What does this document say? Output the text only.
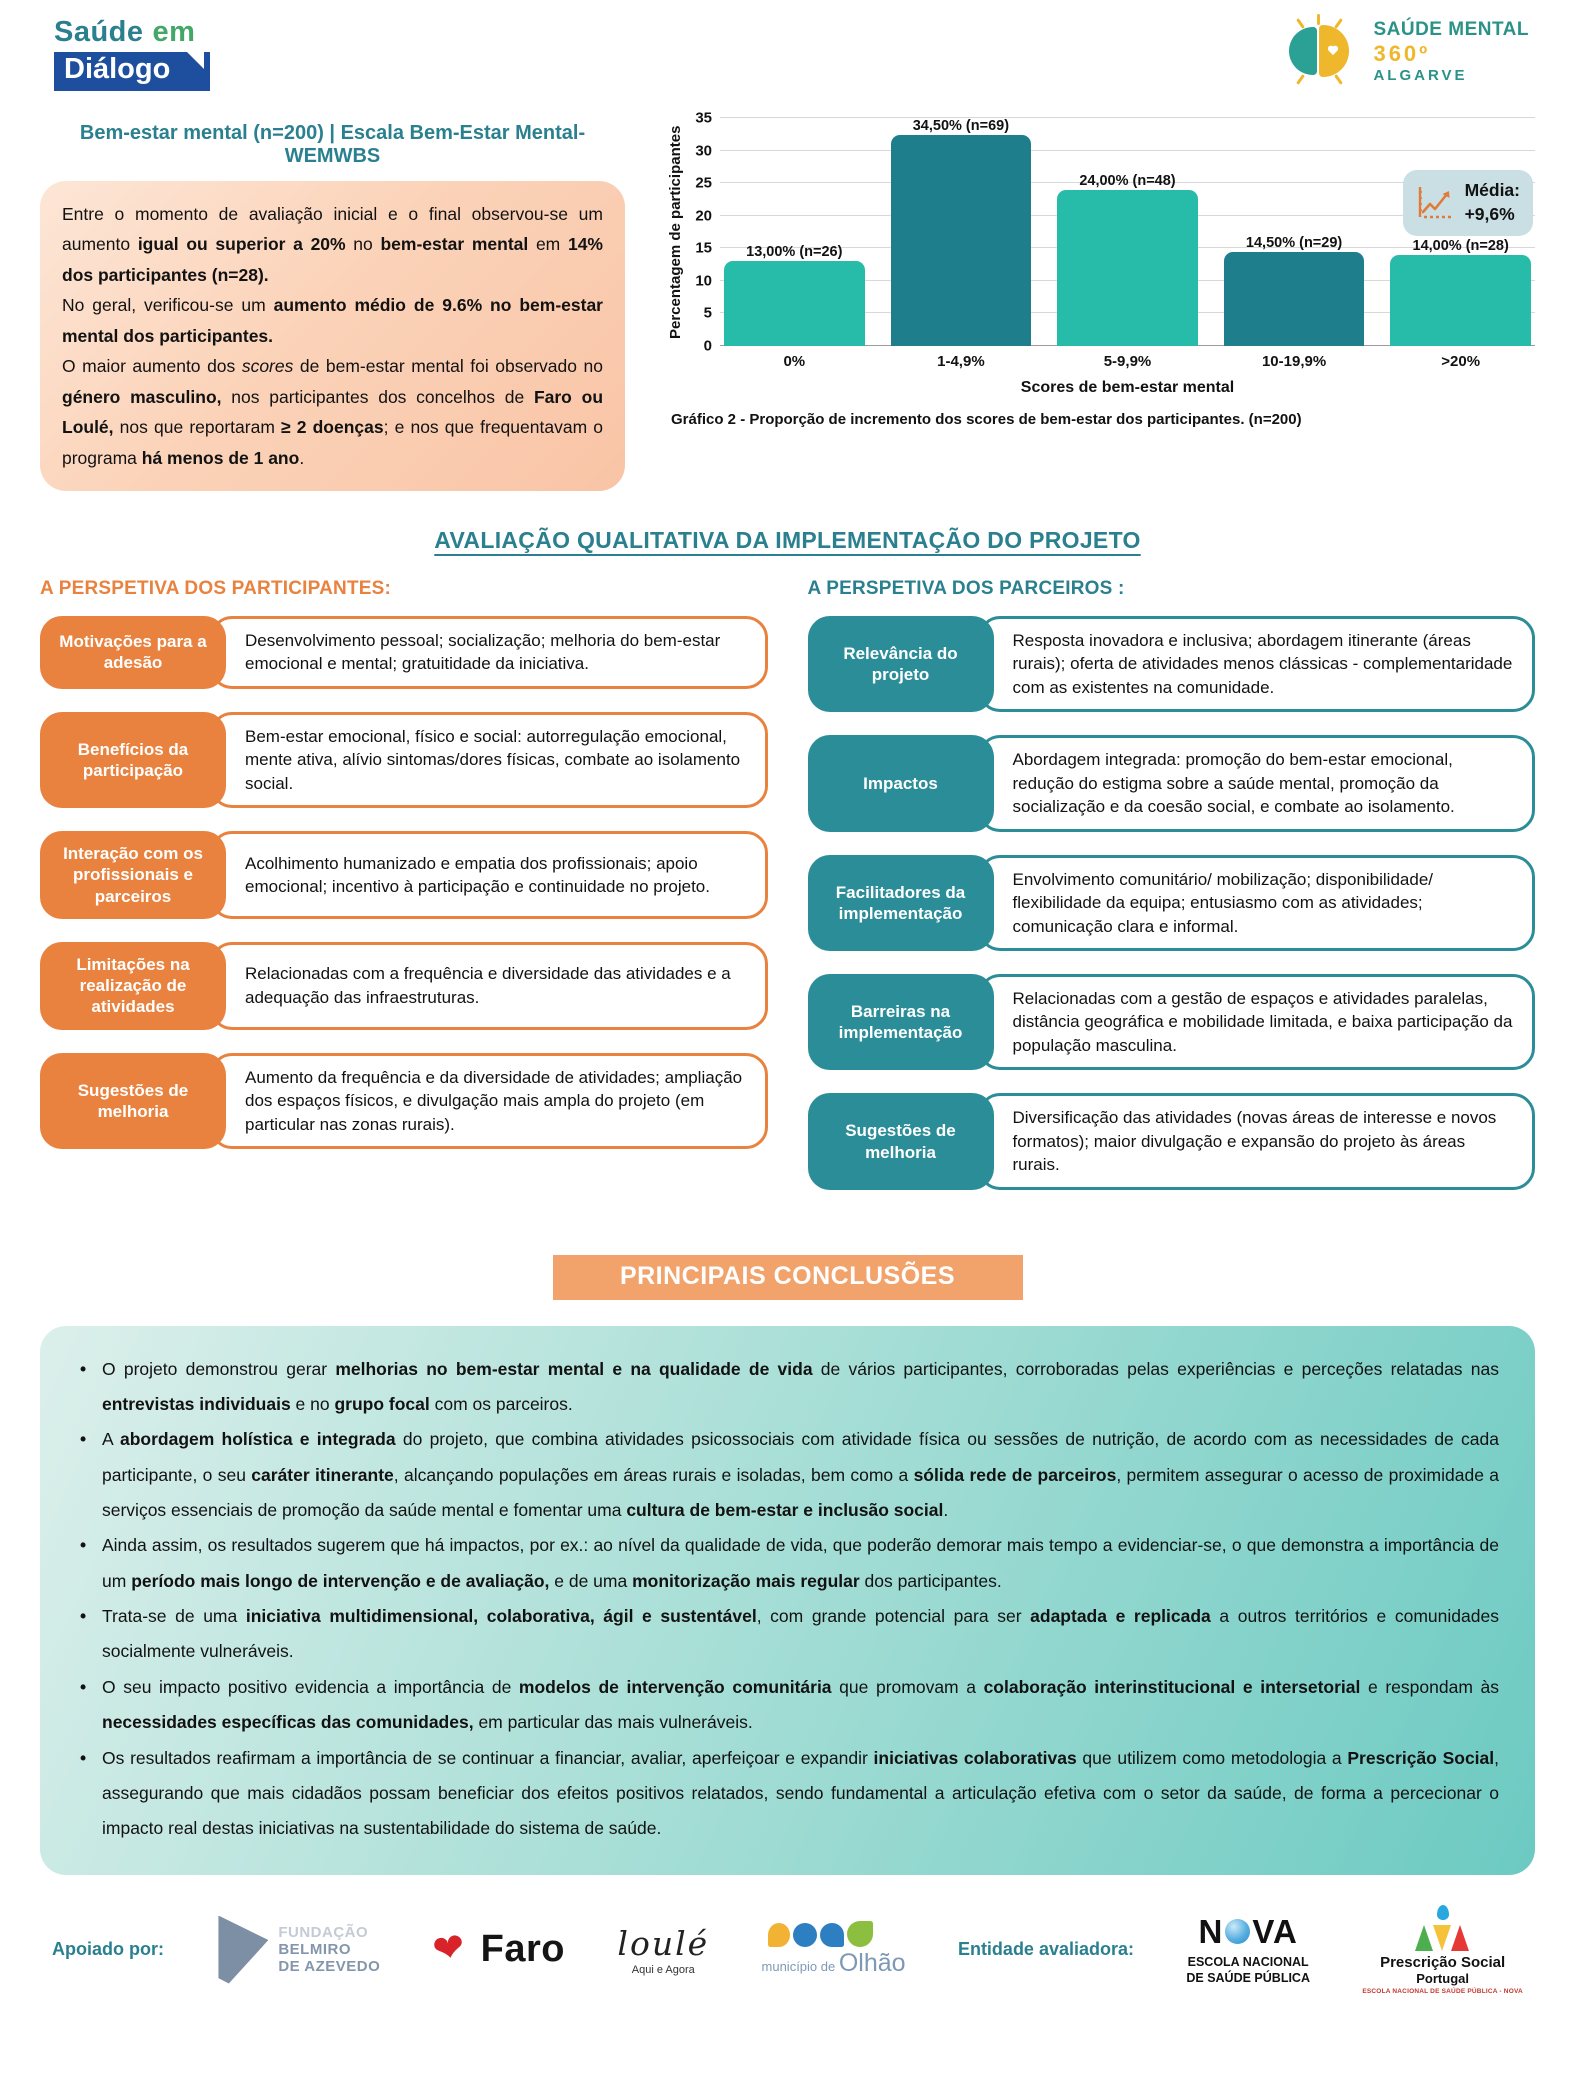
Saúde em
Diálogo
SAÚDE MENTAL
360º
ALGARVE
Bem-estar mental (n=200) | Escala Bem-Estar Mental-WEMWBS
Entre o momento de avaliação inicial e o final observou-se um aumento igual ou superior a 20% no bem-estar mental em 14% dos participantes (n=28).
No geral, verificou-se um aumento médio de 9.6% no bem-estar mental dos participantes.
O maior aumento dos scores de bem-estar mental foi observado no género masculino, nos participantes dos concelhos de Faro ou Loulé, nos que reportaram ≥ 2 doenças; e nos que frequentavam o programa há menos de 1 ano.
Percentagem de participantes
0
5
10
15
20
25
30
35
13,00% (n=26)
34,50% (n=69)
24,00% (n=48)
14,50% (n=29)	14,00% (n=28)
Média:
+9,6%
0%	1-4,9%	5-9,9%	10-19,9%	>20%
Scores de bem-estar mental
Gráfico 2 - Proporção de incremento dos scores de bem-estar dos participantes. (n=200)
AVALIAÇÃO QUALITATIVA DA IMPLEMENTAÇÃO DO PROJETO
A PERSPETIVA DOS PARTICIPANTES:
Motivações para a adesão
Desenvolvimento pessoal; socialização; melhoria do bem-estar emocional e mental; gratuitidade da iniciativa.
Benefícios da participação
Bem-estar emocional, físico e social: autorregulação emocional, mente ativa, alívio sintomas/dores físicas, combate ao isolamento social.
Interação com os profissionais e parceiros
Acolhimento humanizado e empatia dos profissionais; apoio emocional; incentivo à participação e continuidade no projeto.
Limitações na realização de atividades
Relacionadas com a frequência e diversidade das atividades e a adequação das infraestruturas.
Sugestões de melhoria
Aumento da frequência e da diversidade de atividades; ampliação dos espaços físicos, e divulgação mais ampla do projeto (em particular nas zonas rurais).
A PERSPETIVA DOS PARCEIROS :
Relevância do projeto
Resposta inovadora e inclusiva; abordagem itinerante (áreas rurais); oferta de atividades menos clássicas - complementaridade com as existentes na comunidade.
Impactos
Abordagem integrada: promoção do bem-estar emocional, redução do estigma sobre a saúde mental, promoção da socialização e da coesão social, e combate ao isolamento.
Facilitadores da implementação
Envolvimento comunitário/ mobilização; disponibilidade/ flexibilidade da equipa; entusiasmo com as atividades; comunicação clara e informal.
Barreiras na implementação
Relacionadas com a gestão de espaços e atividades paralelas, distância geográfica e mobilidade limitada, e baixa participação da população masculina.
Sugestões de melhoria
Diversificação das atividades (novas áreas de interesse e novos formatos); maior divulgação e expansão do projeto às áreas rurais.
PRINCIPAIS CONCLUSÕES
• O projeto demonstrou gerar melhorias no bem-estar mental e na qualidade de vida de vários participantes, corroboradas pelas experiências e perceções relatadas nas entrevistas individuais e no grupo focal com os parceiros.
• A abordagem holística e integrada do projeto, que combina atividades psicossociais com atividade física ou sessões de nutrição, de acordo com as necessidades de cada participante, o seu caráter itinerante, alcançando populações em áreas rurais e isoladas, bem como a sólida rede de parceiros, permitem assegurar o acesso de proximidade a serviços essenciais de promoção da saúde mental e fomentar uma cultura de bem-estar e inclusão social.
• Ainda assim, os resultados sugerem que há impactos, por ex.: ao nível da qualidade de vida, que poderão demorar mais tempo a evidenciar-se, o que demonstra a importância de um período mais longo de intervenção e de avaliação, e de uma monitorização mais regular dos participantes.
• Trata-se de uma iniciativa multidimensional, colaborativa, ágil e sustentável, com grande potencial para ser adaptada e replicada a outros territórios e comunidades socialmente vulneráveis.
• O seu impacto positivo evidencia a importância de modelos de intervenção comunitária que promovam a colaboração interinstitucional e intersetorial e respondam às necessidades específicas das comunidades, em particular das mais vulneráveis.
• Os resultados reafirmam a importância de se continuar a financiar, avaliar, aperfeiçoar e expandir iniciativas colaborativas que utilizem como metodologia a Prescrição Social, assegurando que mais cidadãos possam beneficiar dos efeitos positivos relatados, sendo fundamental a articulação efetiva com o setor da saúde, de forma a percecionar o impacto real destas iniciativas na sustentabilidade do sistema de saúde.
Apoiado por:
FUNDAÇÃO
BELMIRO
DE AZEVEDO ❤	Faro loulé
Aqui e Agora	município de Olhão	Entidade avaliadora: N VA
ESCOLA NACIONAL
DE SAÚDE PÚBLICA
Prescrição Social
Portugal
ESCOLA NACIONAL DE SAÚDE PÚBLICA - NOVA
